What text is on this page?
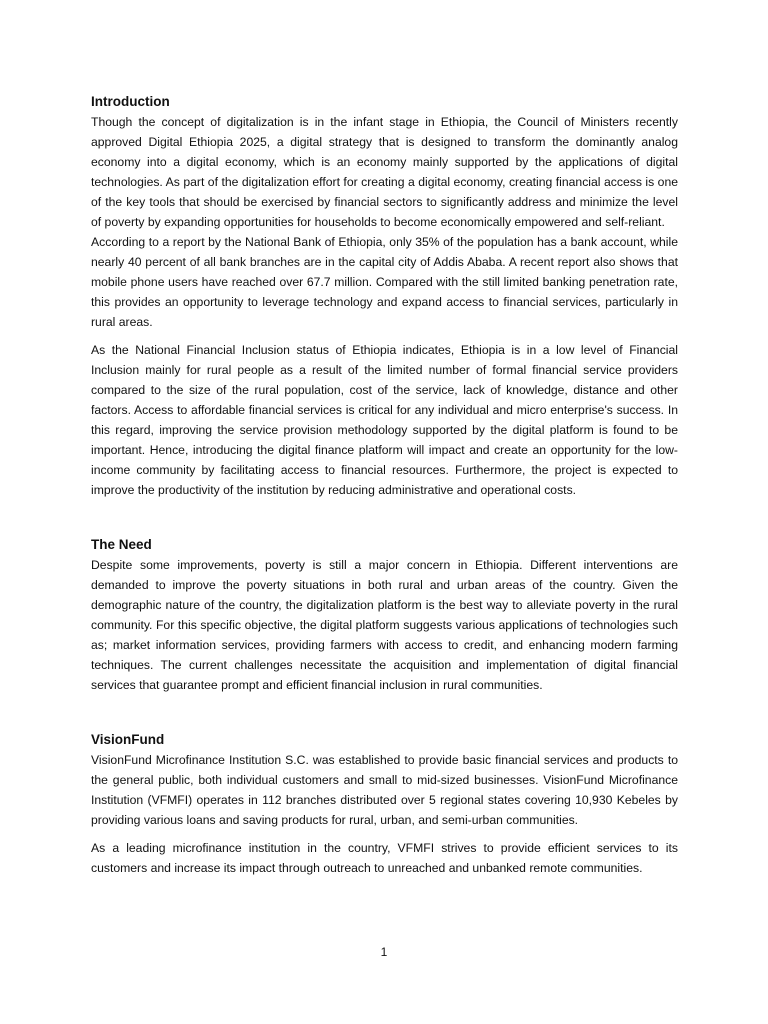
Introduction

Though the concept of digitalization is in the infant stage in Ethiopia, the Council of Ministers recently approved Digital Ethiopia 2025, a digital strategy that is designed to transform the dominantly analog economy into a digital economy, which is an economy mainly supported by the applications of digital technologies. As part of the digitalization effort for creating a digital economy, creating financial access is one of the key tools that should be exercised by financial sectors to significantly address and minimize the level of poverty by expanding opportunities for households to become economically empowered and self-reliant.

According to a report by the National Bank of Ethiopia, only 35% of the population has a bank account, while nearly 40 percent of all bank branches are in the capital city of Addis Ababa. A recent report also shows that mobile phone users have reached over 67.7 million. Compared with the still limited banking penetration rate, this provides an opportunity to leverage technology and expand access to financial services, particularly in rural areas.

As the National Financial Inclusion status of Ethiopia indicates, Ethiopia is in a low level of Financial Inclusion mainly for rural people as a result of the limited number of formal financial service providers compared to the size of the rural population, cost of the service, lack of knowledge, distance and other factors. Access to affordable financial services is critical for any individual and micro enterprise's success. In this regard, improving the service provision methodology supported by the digital platform is found to be important. Hence, introducing the digital finance platform will impact and create an opportunity for the low-income community by facilitating access to financial resources. Furthermore, the project is expected to improve the productivity of the institution by reducing administrative and operational costs.

The Need

Despite some improvements, poverty is still a major concern in Ethiopia. Different interventions are demanded to improve the poverty situations in both rural and urban areas of the country. Given the demographic nature of the country, the digitalization platform is the best way to alleviate poverty in the rural community. For this specific objective, the digital platform suggests various applications of technologies such as; market information services, providing farmers with access to credit, and enhancing modern farming techniques. The current challenges necessitate the acquisition and implementation of digital financial services that guarantee prompt and efficient financial inclusion in rural communities.

VisionFund

VisionFund Microfinance Institution S.C. was established to provide basic financial services and products to the general public, both individual customers and small to mid-sized businesses. VisionFund Microfinance Institution (VFMFI) operates in 112 branches distributed over 5 regional states covering 10,930 Kebeles by providing various loans and saving products for rural, urban, and semi-urban communities.

As a leading microfinance institution in the country, VFMFI strives to provide efficient services to its customers and increase its impact through outreach to unreached and unbanked remote communities.

1
